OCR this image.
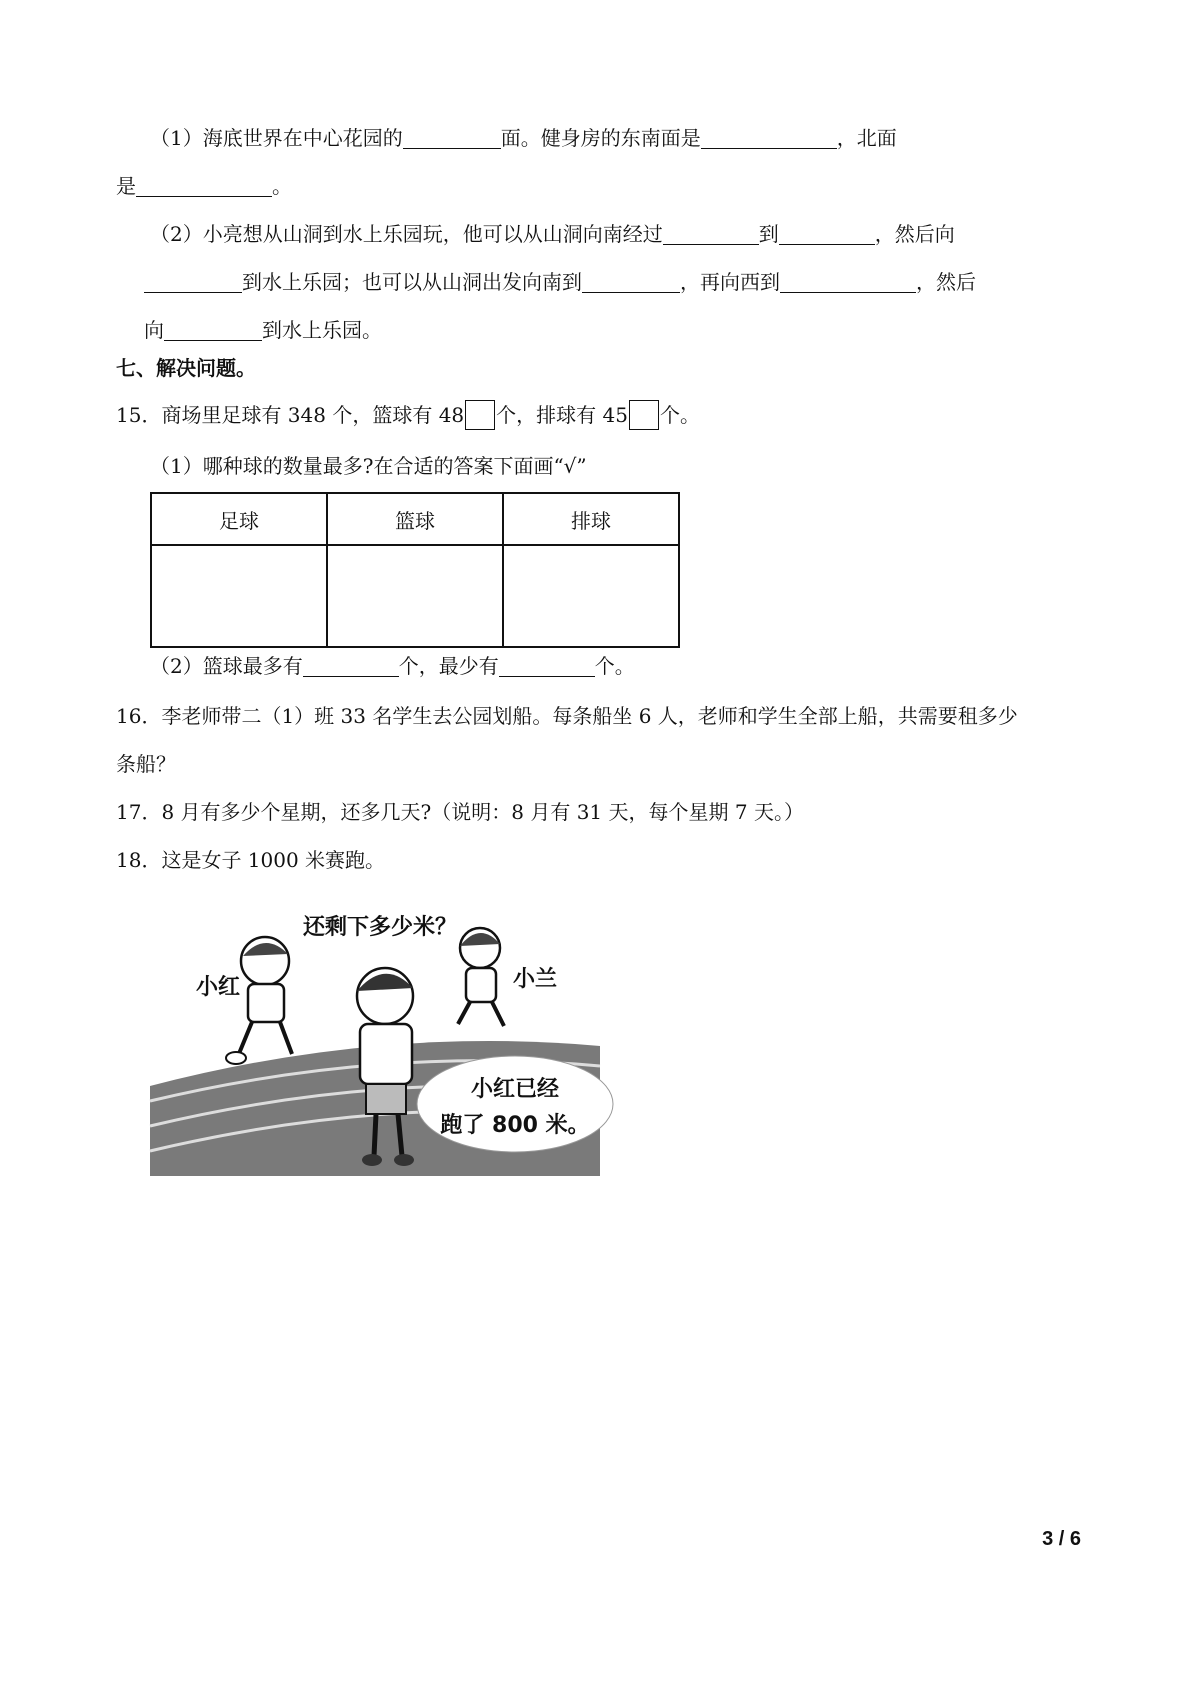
（1）海底世界在中心花园的	面。健身房的东南面是	，北面
是	。
（2）小亮想从山洞到水上乐园玩，他可以从山洞向南经过	到	，然后向
到水上乐园；也可以从山洞出发向南到	，再向西到	，然后
向	到水上乐园。
七、解决问题。
15．商场里足球有 348 个，篮球有 48 个，排球有 45 个。
（1）哪种球的数量最多?在合适的答案下面画“√”
足球	篮球	排球

（2）篮球最多有	个，最少有	个。
16．李老师带二（1）班 33 名学生去公园划船。每条船坐 6 人，老师和学生全部上船，共需要租多少
条船？
17．8 月有多少个星期，还多几天?（说明：8 月有 31 天，每个星期 7 天。）
18．这是女子 1000 米赛跑。
还剩下多少米？
小红	小兰
小红已经
跑了 800 米。
3 / 6
